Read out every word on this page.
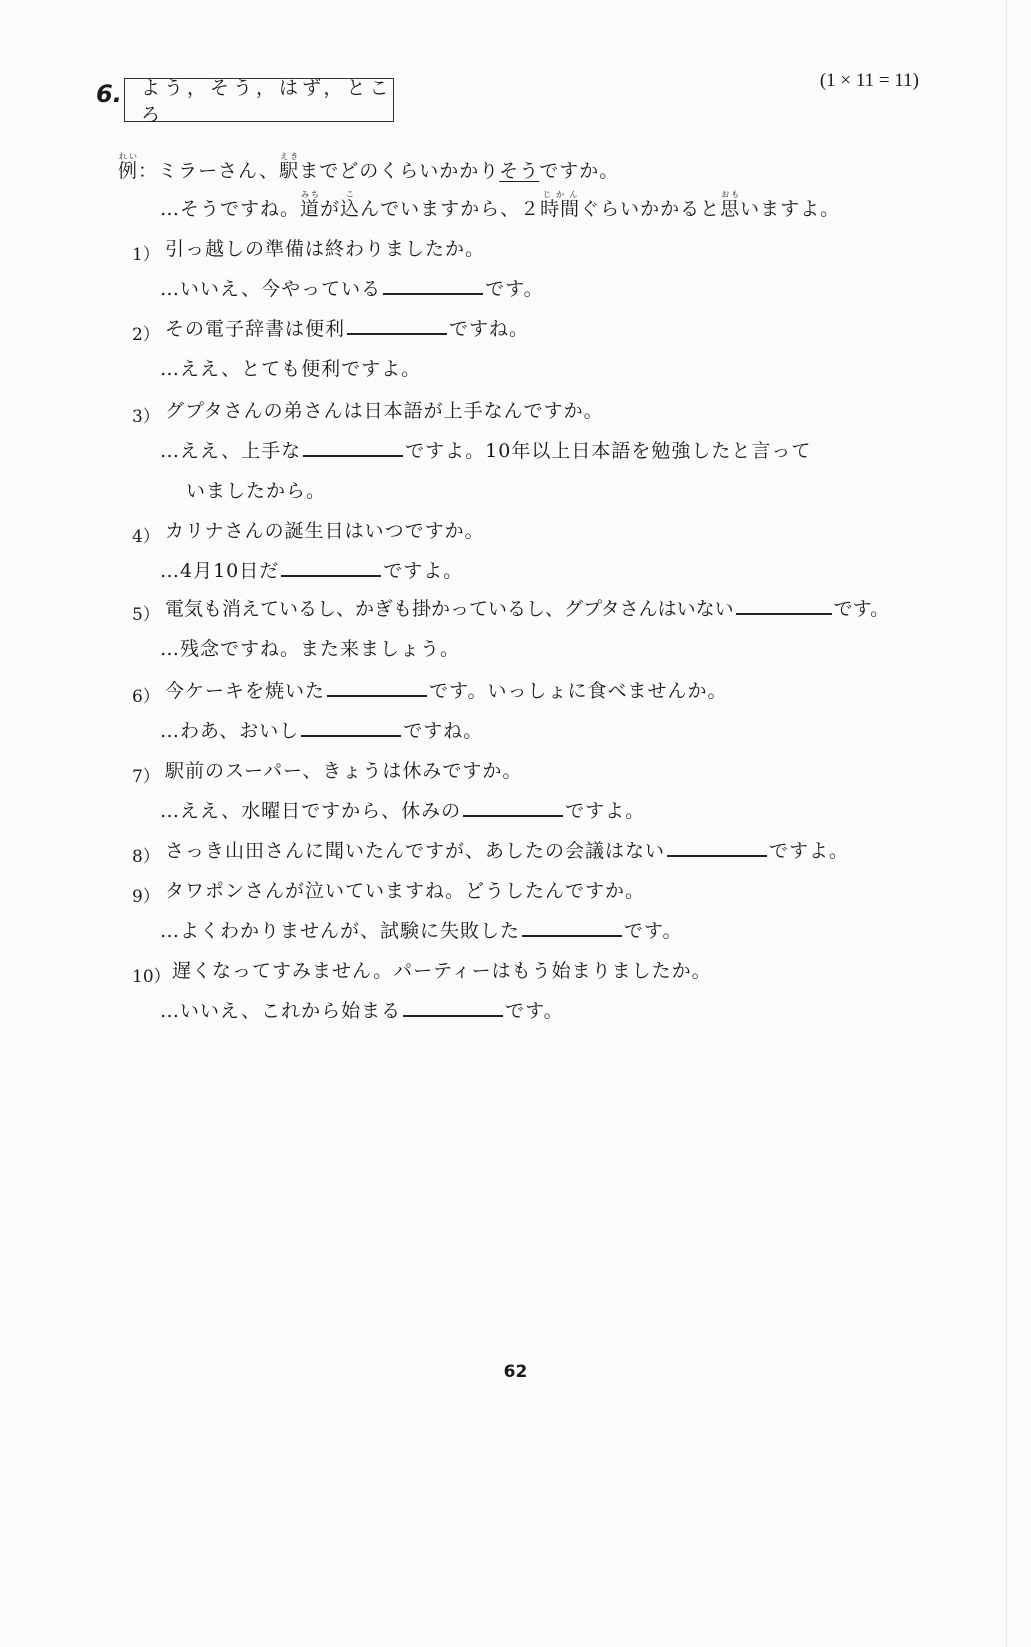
6.	よう，そう，はず，ところ
(1 × 11 = 11)
例れい：ミラーさん、駅えきまでどのくらいかかりそうですか。
…そうですね。道みちが込こんでいますから、２時間じかんぐらいかかると思おもいますよ。
1） 引っ越しの準備は終わりましたか。
…いいえ、今やっている	です。
2） その電子辞書は便利	ですね。
…ええ、とても便利ですよ。
3） グプタさんの弟さんは日本語が上手なんですか。
…ええ、上手な	ですよ。10年以上日本語を勉強したと言って
いましたから。
4） カリナさんの誕生日はいつですか。
…4月10日だ	ですよ。
5） 電気も消えているし、かぎも掛かっているし、グプタさんはいない	です。
…残念ですね。また来ましょう。
6） 今ケーキを焼いた	です。いっしょに食べませんか。
…わあ、おいし	ですね。
7） 駅前のスーパー、きょうは休みですか。
…ええ、水曜日ですから、休みの	ですよ。
8） さっき山田さんに聞いたんですが、あしたの会議はない	ですよ。
9） タワポンさんが泣いていますね。どうしたんですか。
…よくわかりませんが、試験に失敗した	です。
10） 遅くなってすみません。パーティーはもう始まりましたか。
…いいえ、これから始まる	です。
62
